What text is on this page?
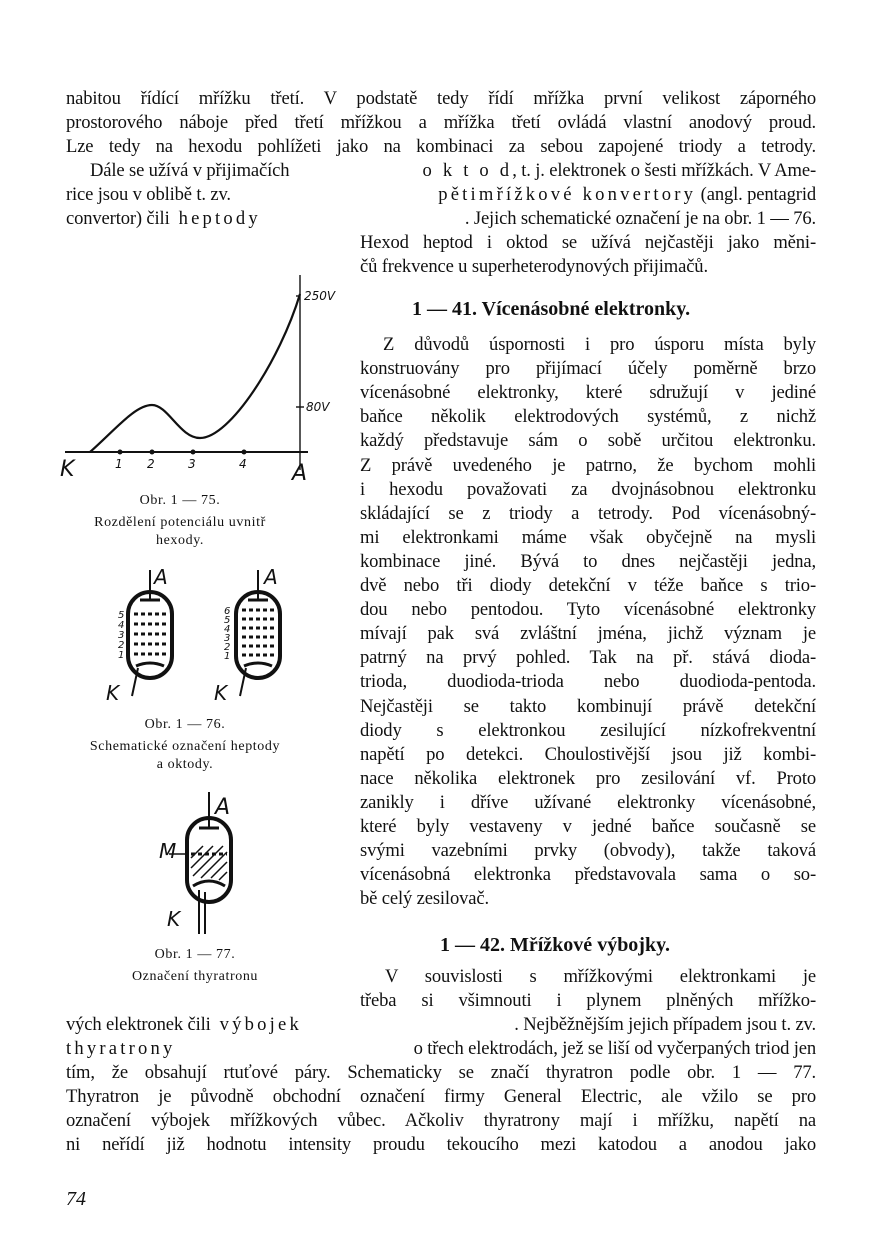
nabitou řídící mřížku třetí. V podstatě tedy řídí mřížka první velikost záporného
prostorového náboje před třetí mřížkou a mřížka třetí ovládá vlastní anodový proud.
Lze tedy na hexodu pohlížeti jako na kombinaci za sebou zapojené triody a tetrody.
Dále se užívá v přijimačích	o k t o d, t. j. elektronek o šesti mřížkách. V Ame-
rice jsou v oblibě t. zv.	pětimřížkové konvertory (angl. pentagrid
convertor) čili heptody	. Jejich schematické označení je na obr. 1 — 76.
Hexod heptod i oktod se užívá nejčastěji jako měni-
čů frekvence u superheterodynových přijimačů.
1 — 41. Vícenásobné elektronky.
Z důvodů úspornosti i pro úsporu místa byly
konstruovány pro přijímací účely poměrně brzo
vícenásobné elektronky, které sdružují v jediné
baňce několik elektrodových systémů, z nichž
každý představuje sám o sobě určitou elektronku.
Z právě uvedeného je patrno, že bychom mohli
i hexodu považovati za dvojnásobnou elektronku
skládající se z triody a tetrody. Pod vícenásobný-
mi elektronkami máme však obyčejně na mysli
kombinace jiné. Bývá to dnes nejčastěji jedna,
dvě nebo tři diody detekční v téže baňce s trio-
dou nebo pentodou. Tyto vícenásobné elektronky
mívají pak svá zvláštní jména, jichž význam je
patrný na prvý pohled. Tak na př. stává dioda-
trioda, duodioda-trioda nebo duodioda-pentoda.
Nejčastěji se takto kombinují právě detekční
diody s elektronkou zesilující nízkofrekventní
napětí po detekci. Choulostivější jsou již kombi-
nace několika elektronek pro zesilování vf. Proto
zanikly i dříve užívané elektronky vícenásobné,
které byly vestaveny v jedné baňce současně se
svými vazebními prvky (obvody), takže taková
vícenásobná elektronka představovala sama o so-
bě celý zesilovač.
1 — 42. Mřížkové výbojky.
V souvislosti s mřížkovými elektronkami je
třeba si všimnouti i plynem plněných mřížko-
vých elektronek čili výbojek	. Nejběžnějším jejich případem jsou t. zv.
thyratrony	o třech elektrodách, jež se liší od vyčerpaných triod jen
tím, že obsahují rtuťové páry. Schematicky se značí thyratron podle obr. 1 — 77.
Thyratron je původně obchodní označení firmy General Electric, ale vžilo se pro
označení výbojek mřížkových vůbec. Ačkoliv thyratrony mají i mřížku, napětí na
ni neřídí již hodnotu intensity proudu tekoucího mezi katodou a anodou jako
74
250V
80V
K	A
1 2	3	4
Obr. 1 — 75.
Rozdělení potenciálu uvnitř
hexody.
A
K
5
4
3
2
1
A
K
6
5
4
3
2
1
Obr. 1 — 76.
Schematické označení heptody
a oktody.
A
M
K
Obr. 1 — 77.
Označení thyratronu
